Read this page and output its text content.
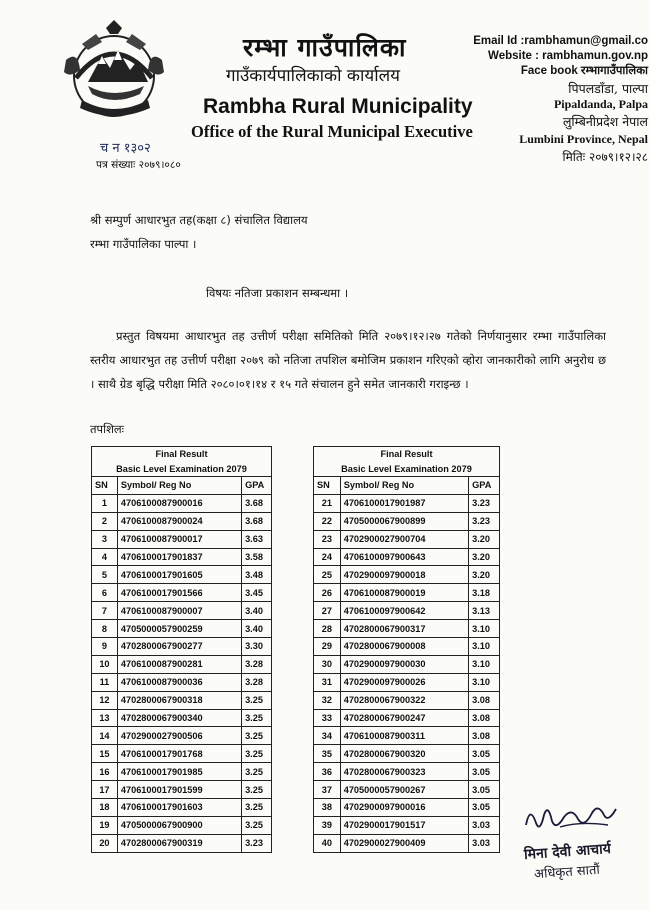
रम्भा गाउँपालिका
गाउँकार्यपालिकाको कार्यालय
Rambha Rural Municipality
Office of the Rural Municipal Executive
Email Id :rambhamun@gmail.co
Website : rambhamun.gov.np
Face book रम्भागाउँपालिका
पिपलडाँडा, पाल्पा
Pipaldanda, Palpa
लुम्बिनीप्रदेश नेपाल
Lumbini Province, Nepal
मितिः २०७९।१२।२८
च न १३०२
पत्र संख्याः २०७९।०८०
श्री सम्पुर्ण आधारभुत तह(कक्षा ८) संचालित विद्यालय
रम्भा गाउँपालिका पाल्पा ।
विषयः नतिजा प्रकाशन सम्बन्धमा ।
प्रस्तुत विषयमा आधारभुत तह उत्तीर्ण परीक्षा समितिको मिति २०७९।१२।२७ गतेको निर्णयानुसार रम्भा गाउँपालिका स्तरीय आधारभुत तह उत्तीर्ण परीक्षा २०७९ को नतिजा तपशिल बमोजिम प्रकाशन गरिएको व्होरा जानकारीको लागि अनुरोध छ । साथै ग्रेड बृद्धि परीक्षा मिति २०८०।०१।१४ र १५ गते संचालन हुने समेत जानकारी गराइन्छ ।
तपशिलः
Final Result		
Basic Level Examination 2079		
SN	Symbol/ Reg No	GPA
1	4706100087900016	3.68
2	4706100087900024	3.68
3	4706100087900017	3.63
4	4706100017901837	3.58
5	4706100017901605	3.48
6	4706100017901566	3.45
7	4706100087900007	3.40
8	4705000057900259	3.40
9	4702800067900277	3.30
10	4706100087900281	3.28
11	4706100087900036	3.28
12	4702800067900318	3.25
13	4702800067900340	3.25
14	4702900027900506	3.25
15	4706100017901768	3.25
16	4706100017901985	3.25
17	4706100017901599	3.25
18	4706100017901603	3.25
19	4705000067900900	3.25
20	4702800067900319	3.23
Final Result		
Basic Level Examination 2079		
SN	Symbol/ Reg No	GPA
21	4706100017901987	3.23
22	4705000067900899	3.23
23	4702900027900704	3.20
24	4706100097900643	3.20
25	4702900097900018	3.20
26	4706100087900019	3.18
27	4706100097900642	3.13
28	4702800067900317	3.10
29	4702800067900008	3.10
30	4702900097900030	3.10
31	4702900097900026	3.10
32	4702800067900322	3.08
33	4702800067900247	3.08
34	4706100087900311	3.08
35	4702800067900320	3.05
36	4702800067900323	3.05
37	4705000057900267	3.05
38	4702900097900016	3.05
39	4702900017901517	3.03
40	4702900027900409	3.03 मिना देवी आचार्य
अधिकृत सातौं
